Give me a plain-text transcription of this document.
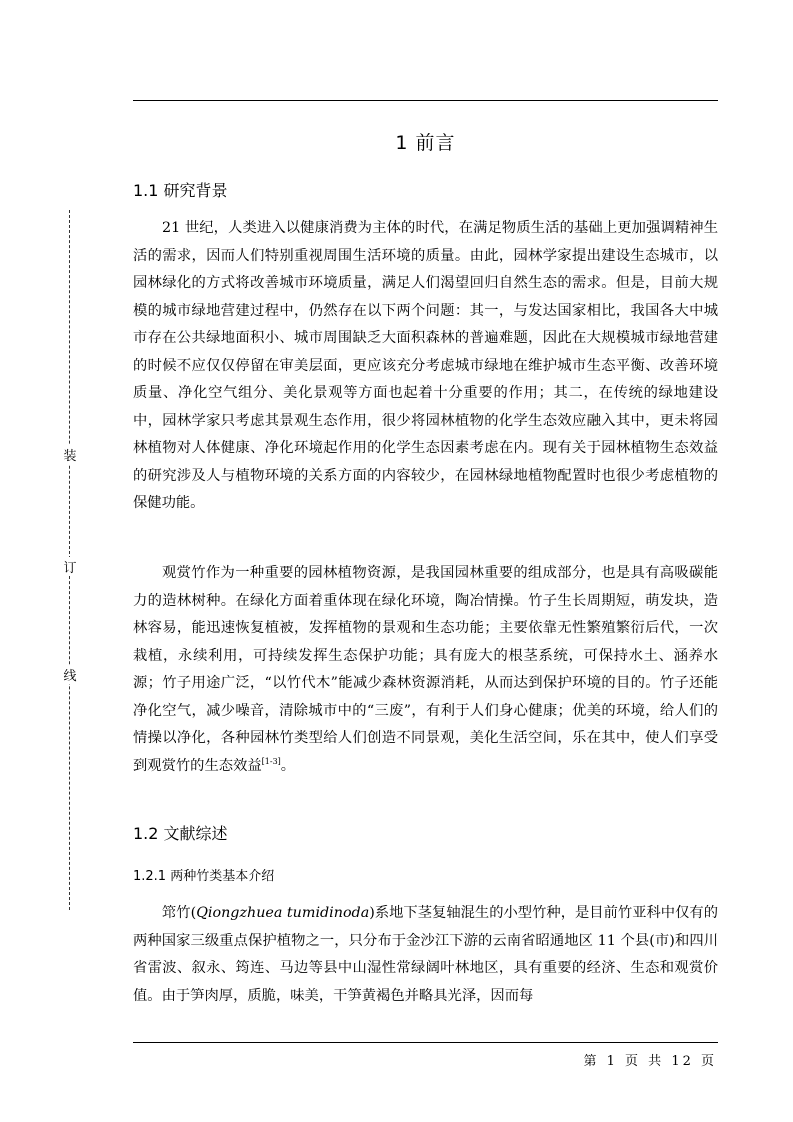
装
订
线
1 前言
1.1 研究背景

21 世纪，人类进入以健康消费为主体的时代，在满足物质生活的基础上更加强调精神生活的需求，因而人们特别重视周围生活环境的质量。由此，园林学家提出建设生态城市，以园林绿化的方式将改善城市环境质量，满足人们渴望回归自然生态的需求。但是，目前大规模的城市绿地营建过程中，仍然存在以下两个问题：其一，与发达国家相比，我国各大中城市存在公共绿地面积小、城市周围缺乏大面积森林的普遍难题，因此在大规模城市绿地营建的时候不应仅仅停留在审美层面，更应该充分考虑城市绿地在维护城市生态平衡、改善环境质量、净化空气组分、美化景观等方面也起着十分重要的作用；其二，在传统的绿地建设中，园林学家只考虑其景观生态作用，很少将园林植物的化学生态效应融入其中，更未将园林植物对人体健康、净化环境起作用的化学生态因素考虑在内。现有关于园林植物生态效益的研究涉及人与植物环境的关系方面的内容较少，在园林绿地植物配置时也很少考虑植物的保健功能。

观赏竹作为一种重要的园林植物资源，是我国园林重要的组成部分，也是具有高吸碳能力的造林树种。在绿化方面着重体现在绿化环境，陶冶情操。竹子生长周期短，萌发块，造林容易，能迅速恢复植被，发挥植物的景观和生态功能；主要依靠无性繁殖繁衍后代，一次栽植，永续利用，可持续发挥生态保护功能；具有庞大的根茎系统，可保持水土、涵养水源；竹子用途广泛，“以竹代木”能减少森林资源消耗，从而达到保护环境的目的。竹子还能净化空气，减少噪音，清除城市中的“三废”，有利于人们身心健康；优美的环境，给人们的情操以净化，各种园林竹类型给人们创造不同景观，美化生活空间，乐在其中，使人们享受到观赏竹的生态效益[1-3]。

1.2 文献综述
1.2.1 两种竹类基本介绍

筇竹(Qiongzhuea tumidinoda)系地下茎复轴混生的小型竹种，是目前竹亚科中仅有的两种国家三级重点保护植物之一，只分布于金沙江下游的云南省昭通地区 11 个县(市)和四川省雷波、叙永、筠连、马边等县中山湿性常绿阔叶林地区，具有重要的经济、生态和观赏价值。由于笋肉厚，质脆，味美，干笋黄褐色并略具光泽，因而每

第 1 页 共 12 页
